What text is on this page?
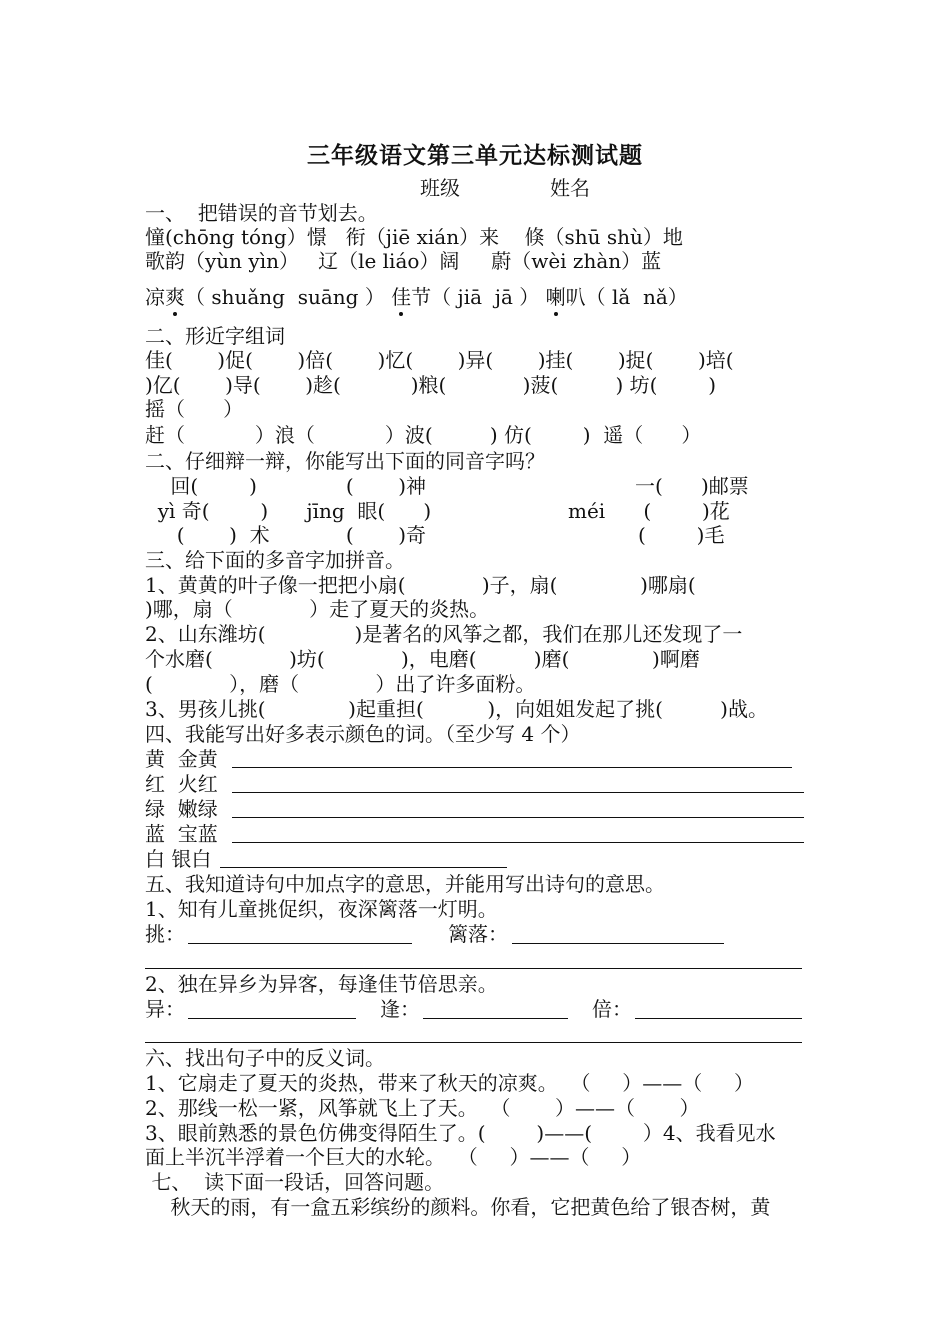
三年级语文第三单元达标测试题
班级	姓名
一、  把错误的音节划去。
憧(chōng tóng）憬   衔（jiē xián）来    倏（shū shù）地
歌韵（yùn yìn）   辽（le liáo）阔     蔚（wèi zhàn）蓝
凉爽（ shuǎng  suāng ） 佳节（ jiā  jā ） 喇叭（ lǎ  nǎ）
二、形近字组词
佳(       )促(       )倍(       )忆(       )异(       )挂(       )捉(       )培(
)亿(       )导(       )趁(           )粮(            )菠(         ) 坊(        )
摇（      ）
赶（           ）浪（           ）波(         ) 仿(        )  遥（      ）
二、仔细辩一辩，你能写出下面的同音字吗？
回(        )              (       )神	一(      )邮票
yì 奇(        )      jīng  眼(      )	méi      (        )花
(       )  术            (       )奇	(        )毛
三、给下面的多音字加拼音。
1、黄黄的叶子像一把把小扇(            )子，扇(             )哪扇(
)哪，扇（            ）走了夏天的炎热。
2、山东潍坊(              )是著名的风筝之都，我们在那儿还发现了一
个水磨(            )坊(            )，电磨(         )磨(             )啊磨
(            ），磨（            ）出了许多面粉。
3、男孩儿挑(             )起重担(          )，向姐姐发起了挑(         )战。
四、我能写出好多表示颜色的词。（至少写 4 个）
黄  金黄
红  火红
绿  嫩绿
蓝  宝蓝
白 银白
五、我知道诗句中加点字的意思，并能用写出诗句的意思。
1、知有儿童挑促织，夜深篱落一灯明。
挑：	篱落：
2、独在异乡为异客，每逢佳节倍思亲。
异：	逢：	倍：
六、找出句子中的反义词。
1、它扇走了夏天的炎热，带来了秋天的凉爽。  （     ）——（     ）
2、那线一松一紧，风筝就飞上了天。  （       ）——（       ）
3、眼前熟悉的景色仿佛变得陌生了。(        )——(        ）4、我看见水
面上半沉半浮着一个巨大的水轮。  （     ）——（     ）
七、  读下面一段话，回答问题。
秋天的雨，有一盒五彩缤纷的颜料。你看，它把黄色给了银杏树，黄
